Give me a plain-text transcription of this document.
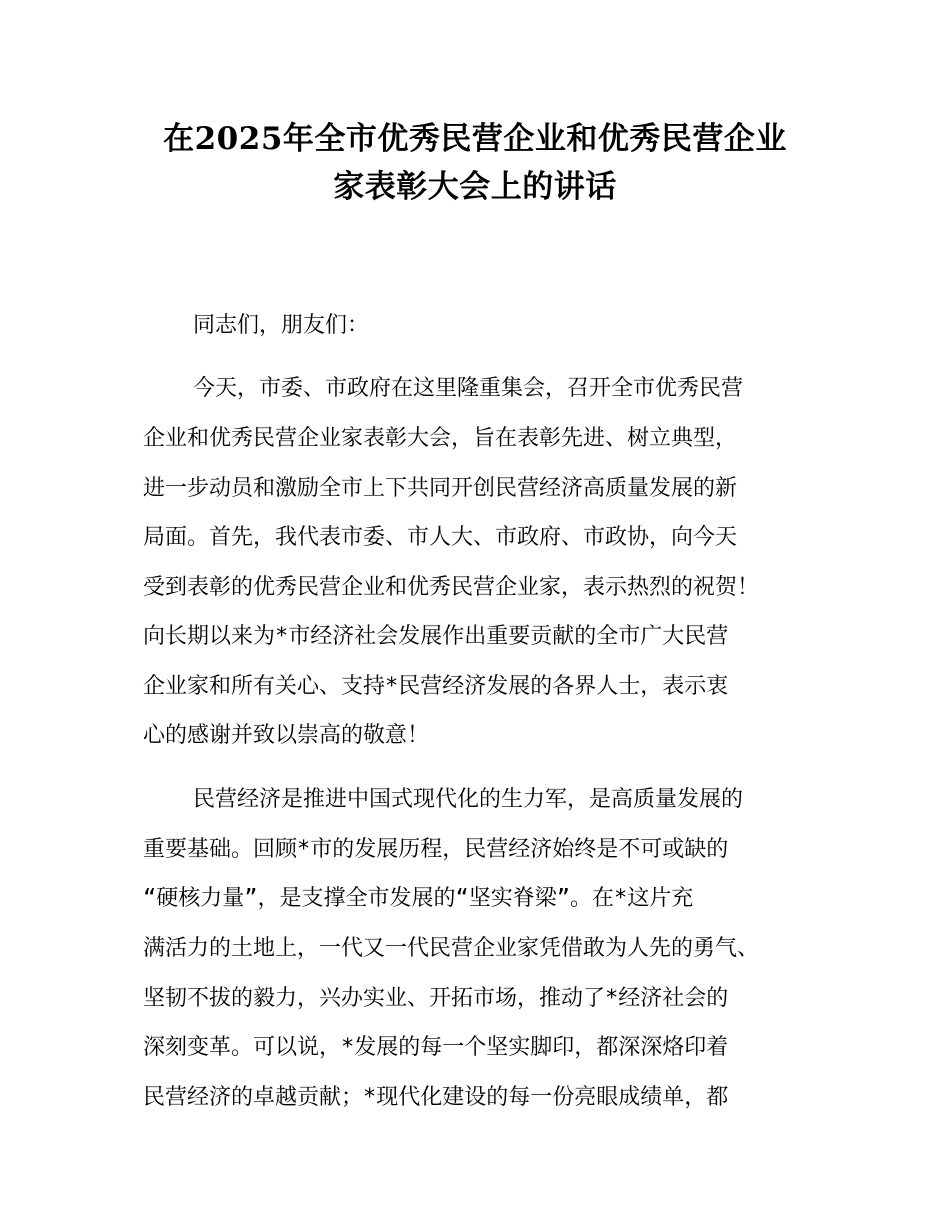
在2025年全市优秀民营企业和优秀民营企业
家表彰大会上的讲话

同志们，朋友们：

今天，市委、市政府在这里隆重集会，召开全市优秀民营

企业和优秀民营企业家表彰大会，旨在表彰先进、树立典型，

进一步动员和激励全市上下共同开创民营经济高质量发展的新

局面。首先，我代表市委、市人大、市政府、市政协，向今天

受到表彰的优秀民营企业和优秀民营企业家，表示热烈的祝贺！

向长期以来为*市经济社会发展作出重要贡献的全市广大民营

企业家和所有关心、支持*民营经济发展的各界人士，表示衷

心的感谢并致以崇高的敬意！

民营经济是推进中国式现代化的生力军，是高质量发展的

重要基础。回顾*市的发展历程，民营经济始终是不可或缺的

“硬核力量”，是支撑全市发展的“坚实脊梁”。在*这片充

满活力的土地上，一代又一代民营企业家凭借敢为人先的勇气、

坚韧不拔的毅力，兴办实业、开拓市场，推动了*经济社会的

深刻变革。可以说，*发展的每一个坚实脚印，都深深烙印着

民营经济的卓越贡献；*现代化建设的每一份亮眼成绩单，都
